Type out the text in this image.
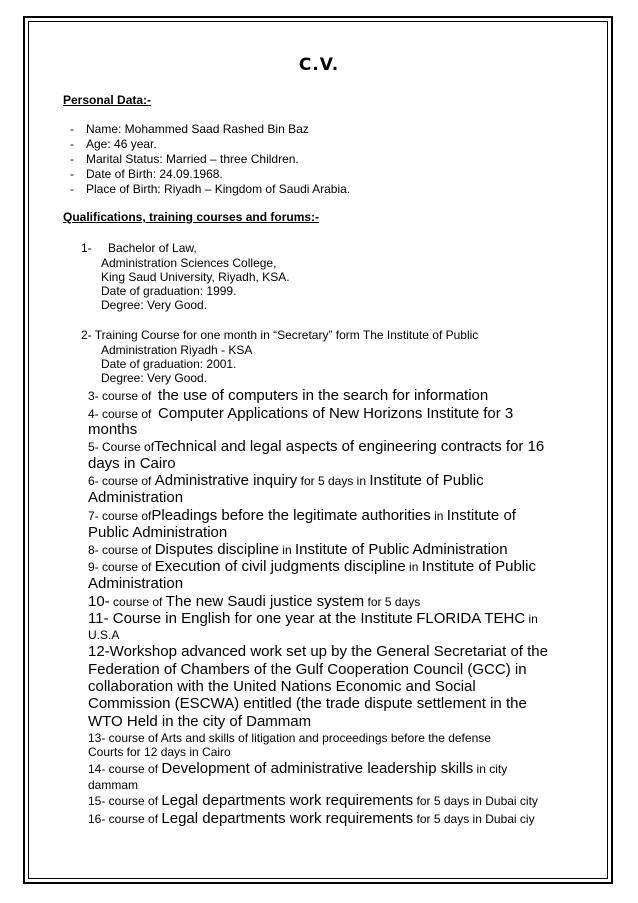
C.V.
Personal Data:-
- Name: Mohammed Saad Rashed Bin Baz
- Age: 46 year.
- Marital Status: Married – three Children.
- Date of Birth: 24.09.1968.
- Place of Birth: Riyadh – Kingdom of Saudi Arabia.
Qualifications, training courses and forums:-
1- Bachelor of Law,
Administration Sciences College,
King Saud University, Riyadh, KSA.
Date of graduation: 1999.
Degree: Very Good.
2- Training Course for one month in “Secretary” form The Institute of Public
Administration Riyadh - KSA
Date of graduation: 2001.
Degree: Very Good.
3- course of the use of computers in the search for information
4- course of Computer Applications of New Horizons Institute for 3
months
5- Course ofTechnical and legal aspects of engineering contracts for 16
days in Cairo
6- course of Administrative inquiry for 5 days in Institute of Public
Administration
7- course ofPleadings before the legitimate authorities in Institute of
Public Administration
8- course of Disputes discipline in Institute of Public Administration
9- course of Execution of civil judgments discipline in Institute of Public
Administration
10- course of The new Saudi justice system for 5 days
11- Course in English for one year at the Institute FLORIDA TEHC in
U.S.A
12-Workshop advanced work set up by the General Secretariat of the
Federation of Chambers of the Gulf Cooperation Council (GCC) in
collaboration with the United Nations Economic and Social
Commission (ESCWA) entitled (the trade dispute settlement in the
WTO Held in the city of Dammam
13- course of Arts and skills of litigation and proceedings before the defense
Courts for 12 days in Cairo
14- course of Development of administrative leadership skills in city
dammam
15- course of Legal departments work requirements for 5 days in Dubai city
16- course of Legal departments work requirements for 5 days in Dubai ciy
